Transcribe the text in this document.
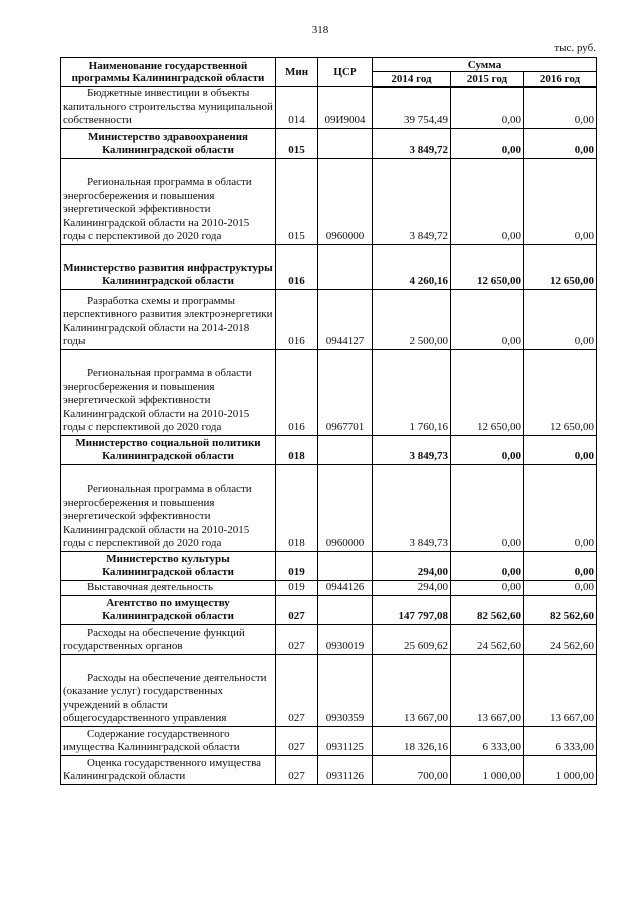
318
тыс. руб.
Наименование государственной программы Калининградской области	Мин	ЦСР	Сумма		
			2014 год	2015 год	2016 год
Бюджетные инвестиции в объекты капитального строительства муниципальной собственности	014	09И9004	39 754,49	0,00	0,00
Министерство здравоохранения Калининградской области	015		3 849,72	0,00	0,00
Региональная программа в области энергосбережения и повышения энергетической эффективности Калининградской области на 2010-2015 годы с перспективой до 2020 года	015	0960000	3 849,72	0,00	0,00
Министерство развития инфраструктуры Калининградской области	016		4 260,16	12 650,00	12 650,00
Разработка схемы и программы перспективного развития электроэнергетики Калининградской области на 2014-2018 годы	016	0944127	2 500,00	0,00	0,00
Региональная программа в области энергосбережения и повышения энергетической эффективности Калининградской области на 2010-2015 годы с перспективой до 2020 года	016	0967701	1 760,16	12 650,00	12 650,00
Министерство социальной политики Калининградской области	018		3 849,73	0,00	0,00
Региональная программа в области энергосбережения и повышения энергетической эффективности Калининградской области на 2010-2015 годы с перспективой до 2020 года	018	0960000	3 849,73	0,00	0,00
Министерство культуры Калининградской области	019		294,00	0,00	0,00
Выставочная деятельность	019	0944126	294,00	0,00	0,00
Агентство по имуществу Калининградской области	027		147 797,08	82 562,60	82 562,60
Расходы на обеспечение функций государственных органов	027	0930019	25 609,62	24 562,60	24 562,60
Расходы на обеспечение деятельности (оказание услуг) государственных учреждений в области общегосударственного управления	027	0930359	13 667,00	13 667,00	13 667,00
Содержание государственного имущества Калининградской области	027	0931125	18 326,16	6 333,00	6 333,00
Оценка государственного имущества Калининградской области	027	0931126	700,00	1 000,00	1 000,00
